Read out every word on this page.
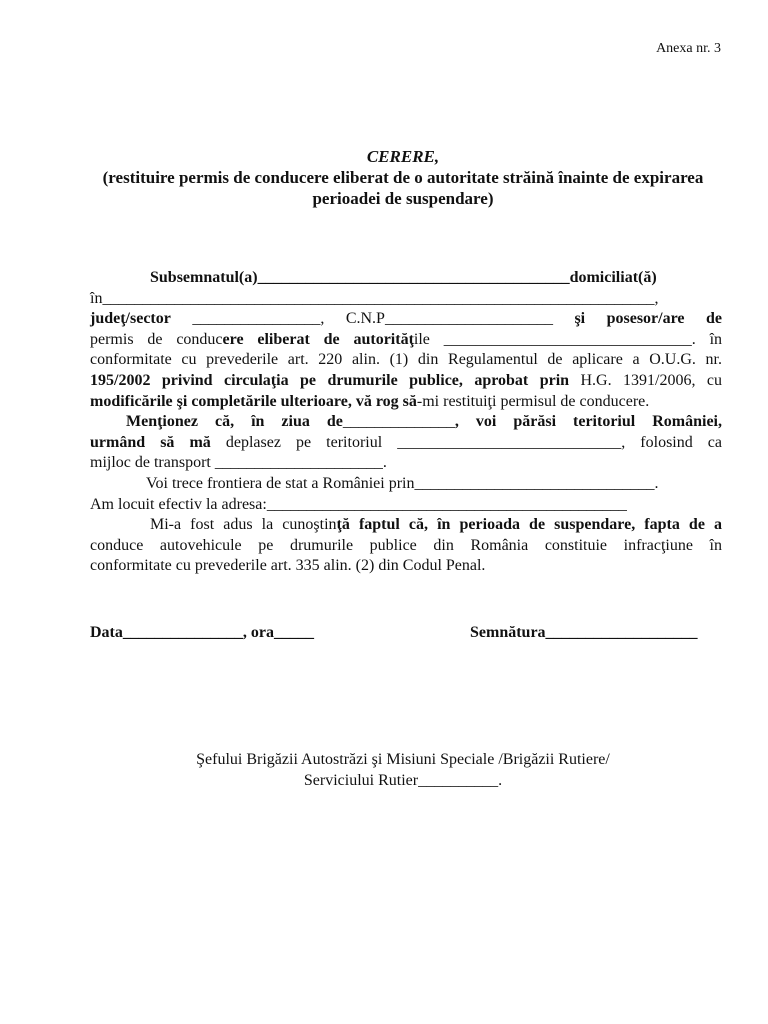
Anexa nr. 3
CERERE,
(restituire permis de conducere eliberat de o autoritate străină înainte de expirarea
perioadei de suspendare)

Subsemnatul(a)_______________________________________domiciliat(ă)

în_____________________________________________________________________,

judeţ/sector ________________, C.N.P_____________________ şi posesor/are de

permis de conducere eliberat de autorităţile _______________________________. în

conformitate cu prevederile art. 220 alin. (1) din Regulamentul de aplicare a O.U.G. nr.

195/2002 privind circulaţia pe drumurile publice, aprobat prin H.G. 1391/2006, cu

modificările şi completările ulterioare, vă rog să-mi restituiţi permisul de conducere.

Menţionez că, în ziua de______________, voi părăsi teritoriul României,

urmând să mă deplasez pe teritoriul ____________________________, folosind ca

mijloc de transport _____________________.

Voi trece frontiera de stat a României prin______________________________.

Am locuit efectiv la adresa:_____________________________________________

Mi-a fost adus la cunoştinţă faptul că, în perioada de suspendare, fapta de a

conduce autovehicule pe drumurile publice din România constituie infracţiune în

conformitate cu prevederile art. 335 alin. (2) din Codul Penal.

Data_______________, ora_____	Semnătura___________________
Şefului Brigăzii Autostrăzi şi Misiuni Speciale /Brigăzii Rutiere/
Serviciului Rutier__________.
